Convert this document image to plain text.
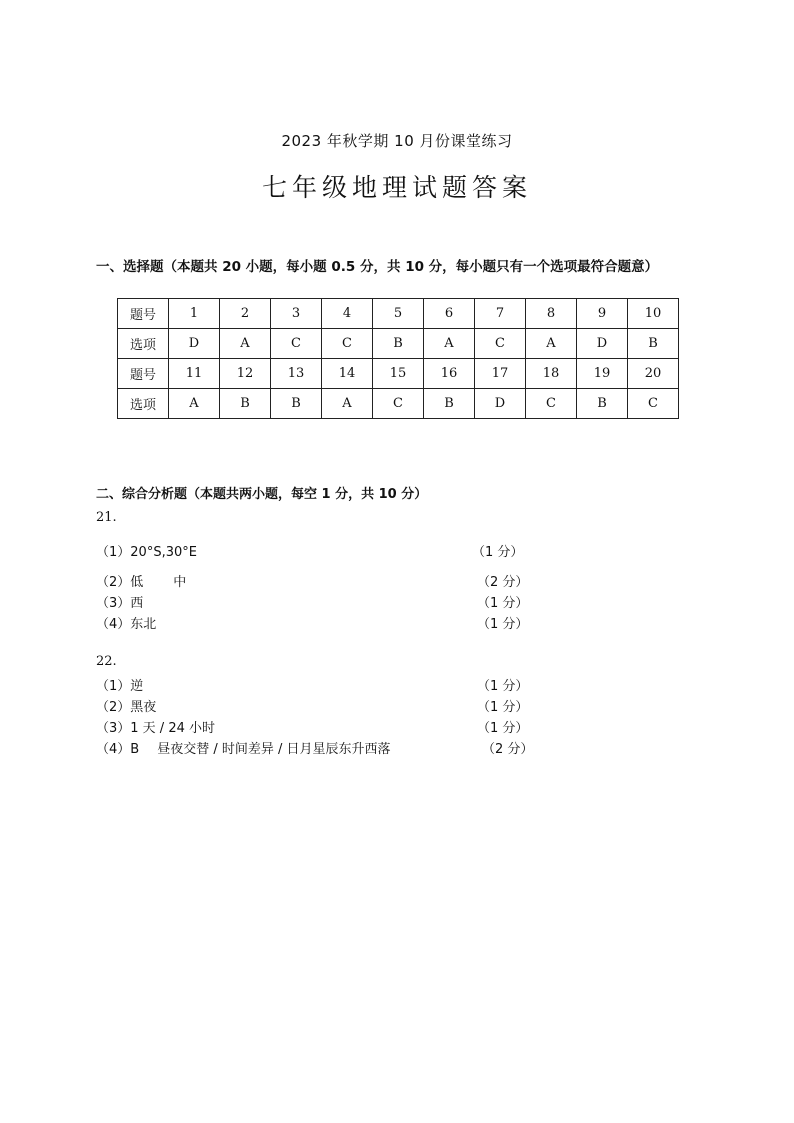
2023 年秋学期 10 月份课堂练习
七年级地理试题答案
一、选择题（本题共 20 小题，每小题 0.5 分，共 10 分，每小题只有一个选项最符合题意）
题号	1	2	3	4	5	6	7	8	9	10
选项	D	A	C	C	B	A	C	A	D	B
题号	11	12	13	14	15	16	17	18	19	20
选项	A	B	B	A	C	B	D	C	B	C
二、综合分析题（本题共两小题，每空 1 分，共 10 分）
21.
（1）20°S,30°E	（1 分）
（2）低 中	（2 分）
（3）西	（1 分）
（4）东北	（1 分）
22.
（1）逆	（1 分）
（2）黑夜	（1 分）
（3）1 天 / 24 小时	（1 分）
（4）B 昼夜交替 / 时间差异 / 日月星辰东升西落	（2 分）
